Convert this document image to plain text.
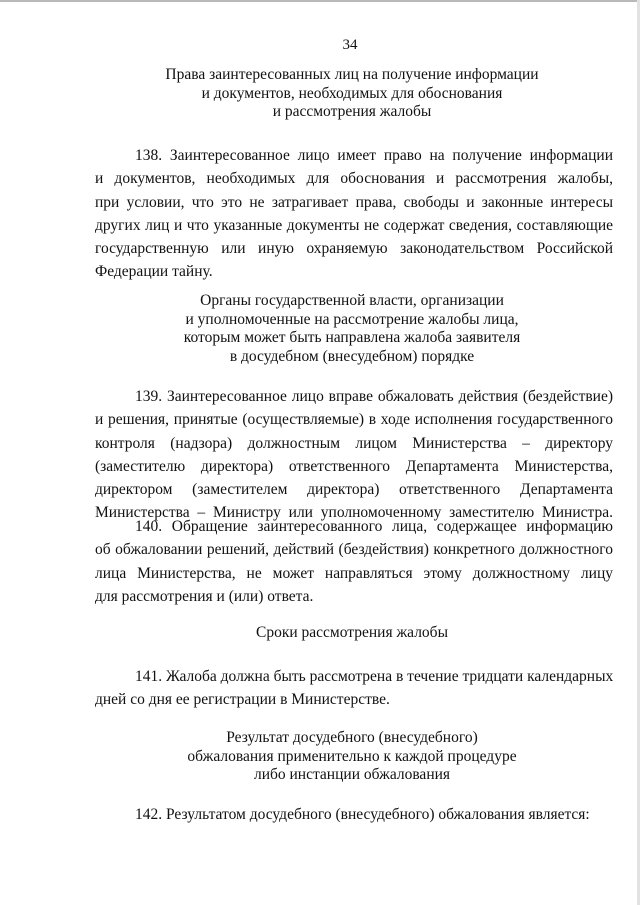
34
Права заинтересованных лиц на получение информации
и документов, необходимых для обоснования
и рассмотрения жалобы
138. Заинтересованное лицо имеет право на получение информации
и документов, необходимых для обоснования и рассмотрения жалобы,
при условии, что это не затрагивает права, свободы и законные интересы
других лиц и что указанные документы не содержат сведения, составляющие
государственную или иную охраняемую законодательством Российской
Федерации тайну.
Органы государственной власти, организации
и уполномоченные на рассмотрение жалобы лица,
которым может быть направлена жалоба заявителя
в досудебном (внесудебном) порядке
139. Заинтересованное лицо вправе обжаловать действия (бездействие)
и решения, принятые (осуществляемые) в ходе исполнения государственного
контроля (надзора) должностным лицом Министерства – директору
(заместителю директора) ответственного Департамента Министерства,
директором (заместителем директора) ответственного Департамента
Министерства – Министру или уполномоченному заместителю Министра.
140. Обращение заинтересованного лица, содержащее информацию
об обжаловании решений, действий (бездействия) конкретного должностного
лица Министерства, не может направляться этому должностному лицу
для рассмотрения и (или) ответа.
Сроки рассмотрения жалобы
141. Жалоба должна быть рассмотрена в течение тридцати календарных
дней со дня ее регистрации в Министерстве.
Результат досудебного (внесудебного)
обжалования применительно к каждой процедуре
либо инстанции обжалования
142. Результатом досудебного (внесудебного) обжалования является:
